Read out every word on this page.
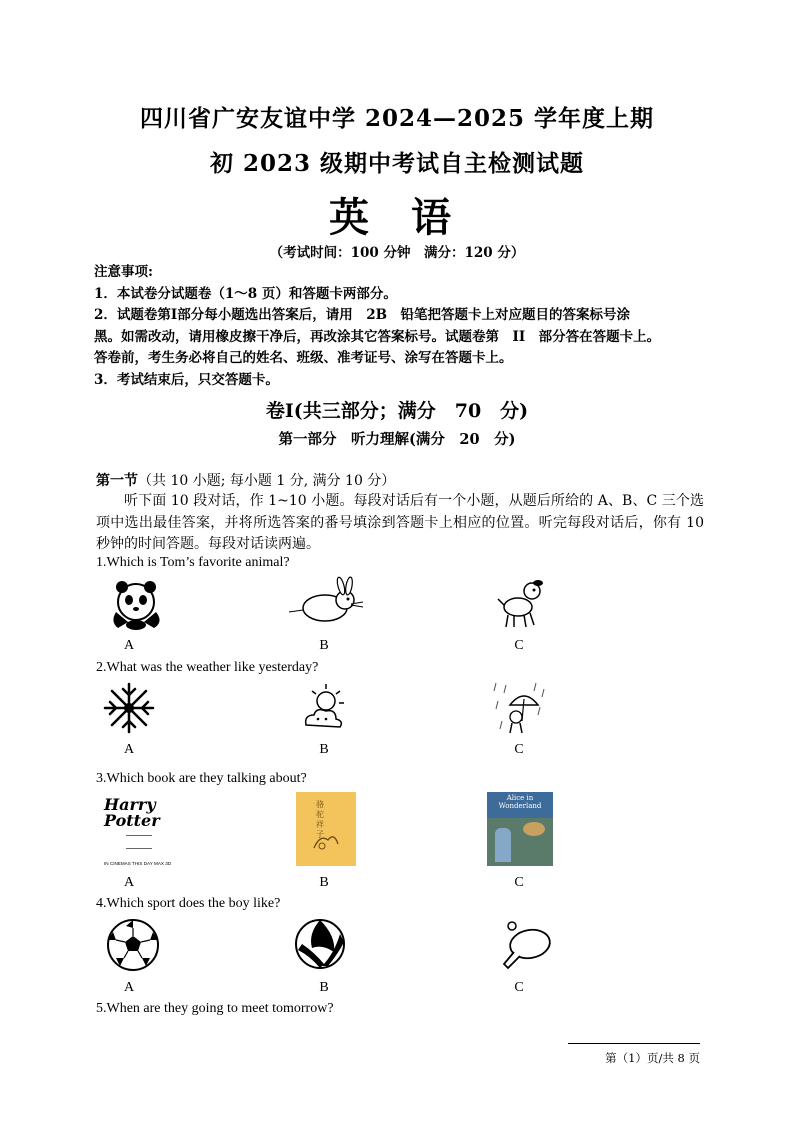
四川省广安友谊中学 2024—2025 学年度上期
初 2023 级期中考试自主检测试题
英 语
（考试时间：100 分钟　满分：120 分）
注意事项:
1．本试卷分试题卷（1～8 页）和答题卡两部分。
2．试题卷第Ⅰ部分每小题选出答案后，请用　2B　铅笔把答题卡上对应题目的答案标号涂
黑。如需改动，请用橡皮擦干净后，再改涂其它答案标号。试题卷第　II　部分答在答题卡上。
答卷前，考生务必将自己的姓名、班级、准考证号、涂写在答题卡上。
3．考试结束后，只交答题卡。
卷Ⅰ(共三部分；满分　70　分)
第一部分　听力理解(满分　20　分)
第一节（共 10 小题; 每小题 1 分, 满分 10 分）
听下面 10 段对话，作 1~10 小题。每段对话后有一个小题，从题后所给的 A、B、C 三个选项中选出最佳答案，并将所选答案的番号填涂到答题卡上相应的位置。听完每段对话后，你有 10 秒钟的时间答题。每段对话读两遍。
1.Which is Tom’s favorite animal?
A	B	C
2.What was the weather like yesterday?
A	B	C
3.Which book are they talking about?
Harry Potter
IN CINEMAS THIS DAY MAX 3D
骆驼祥子
Alice in Wonderland
A	B	C
4.Which sport does the boy like?
A	B	C
5.When are they going to meet tomorrow?
第（1）页/共 8 页
